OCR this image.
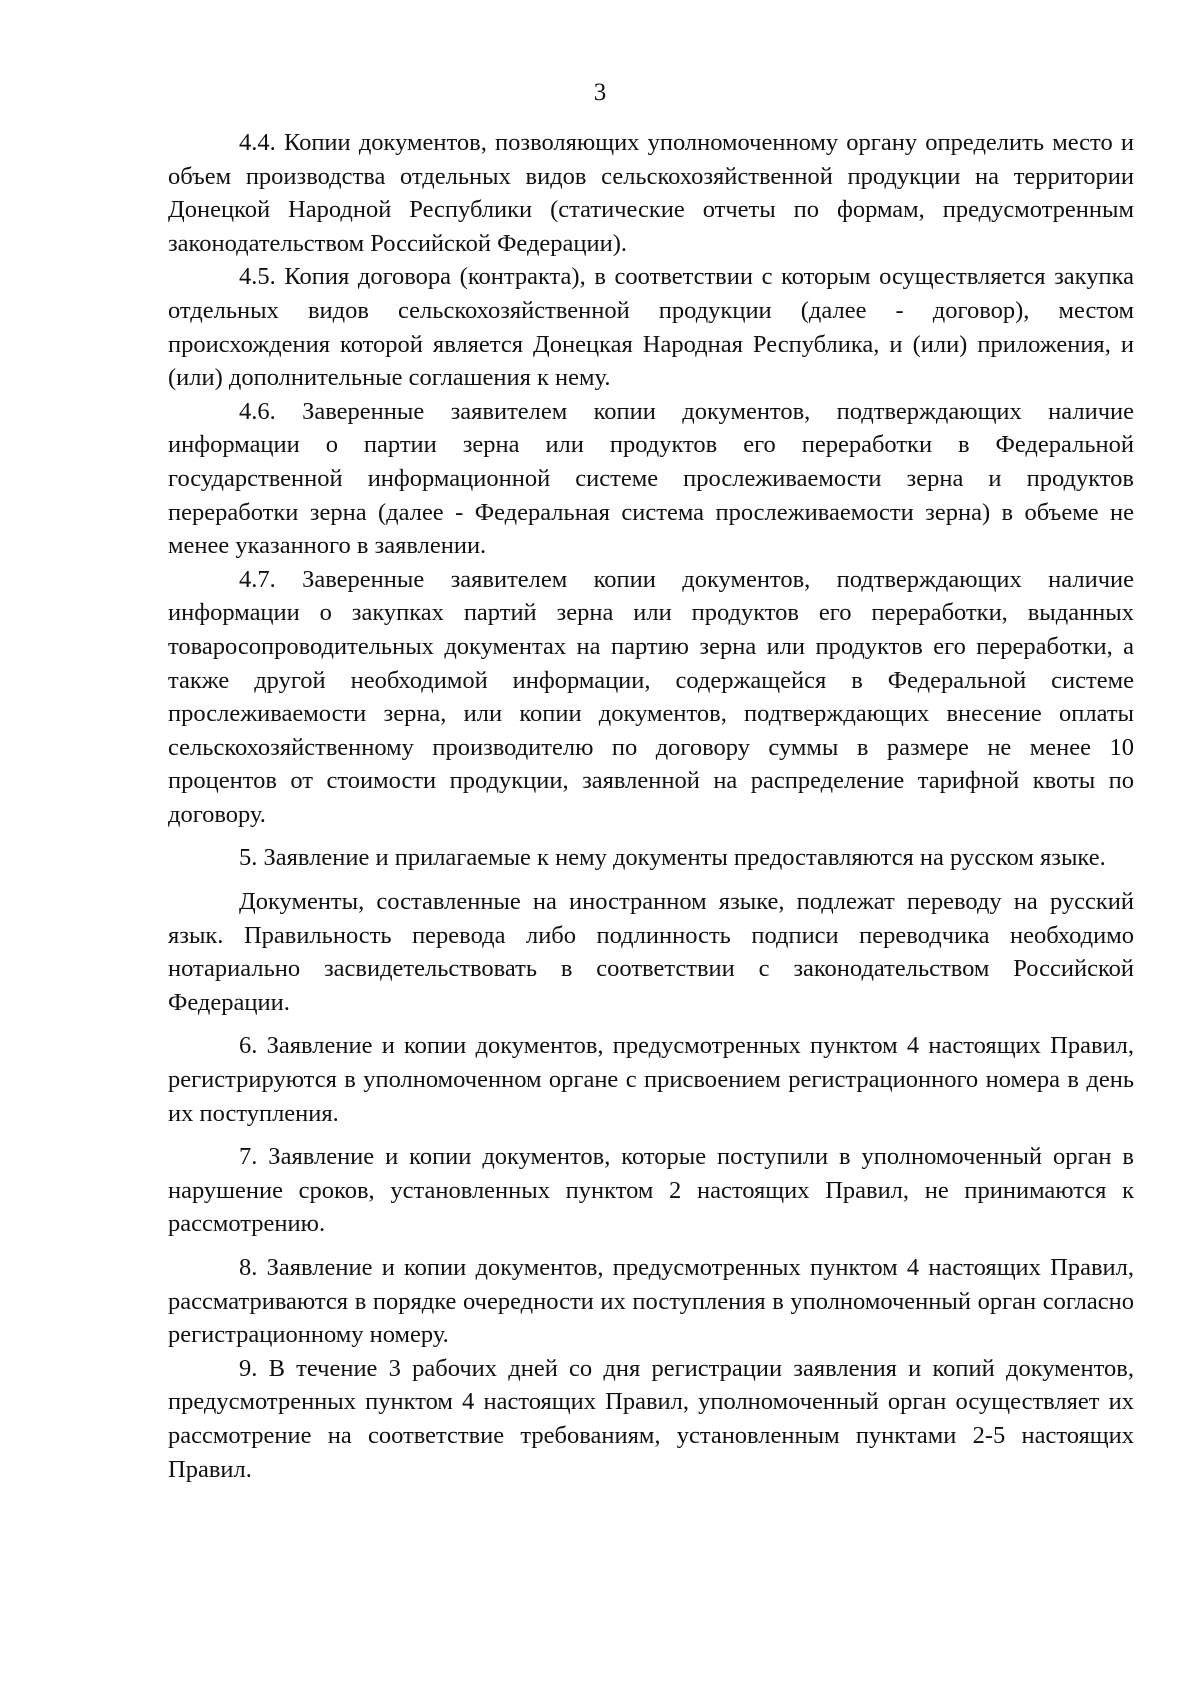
3

4.4. Копии документов, позволяющих уполномоченному органу определить место и объем производства отдельных видов сельскохозяйственной продукции на территории Донецкой Народной Республики (статические отчеты по формам, предусмотренным законодательством Российской Федерации).

4.5. Копия договора (контракта), в соответствии с которым осуществляется закупка отдельных видов сельскохозяйственной продукции (далее - договор), местом происхождения которой является Донецкая Народная Республика, и (или) приложения, и (или) дополнительные соглашения к нему.

4.6. Заверенные заявителем копии документов, подтверждающих наличие информации о партии зерна или продуктов его переработки в Федеральной государственной информационной системе прослеживаемости зерна и продуктов переработки зерна (далее - Федеральная система прослеживаемости зерна) в объеме не менее указанного в заявлении.

4.7. Заверенные заявителем копии документов, подтверждающих наличие информации о закупках партий зерна или продуктов его переработки, выданных товаросопроводительных документах на партию зерна или продуктов его переработки, а также другой необходимой информации, содержащейся в Федеральной системе прослеживаемости зерна, или копии документов, подтверждающих внесение оплаты сельскохозяйственному производителю по договору суммы в размере не менее 10 процентов от стоимости продукции, заявленной на распределение тарифной квоты по договору.

5. Заявление и прилагаемые к нему документы предоставляются на русском языке.

Документы, составленные на иностранном языке, подлежат переводу на русский язык. Правильность перевода либо подлинность подписи переводчика необходимо нотариально засвидетельствовать в соответствии с законодательством Российской Федерации.

6. Заявление и копии документов, предусмотренных пунктом 4 настоящих Правил, регистрируются в уполномоченном органе с присвоением регистрационного номера в день их поступления.

7. Заявление и копии документов, которые поступили в уполномоченный орган в нарушение сроков, установленных пунктом 2 настоящих Правил, не принимаются к рассмотрению.

8. Заявление и копии документов, предусмотренных пунктом 4 настоящих Правил, рассматриваются в порядке очередности их поступления в уполномоченный орган согласно регистрационному номеру.

9. В течение 3 рабочих дней со дня регистрации заявления и копий документов, предусмотренных пунктом 4 настоящих Правил, уполномоченный орган осуществляет их рассмотрение на соответствие требованиям, установленным пунктами 2-5 настоящих Правил.
